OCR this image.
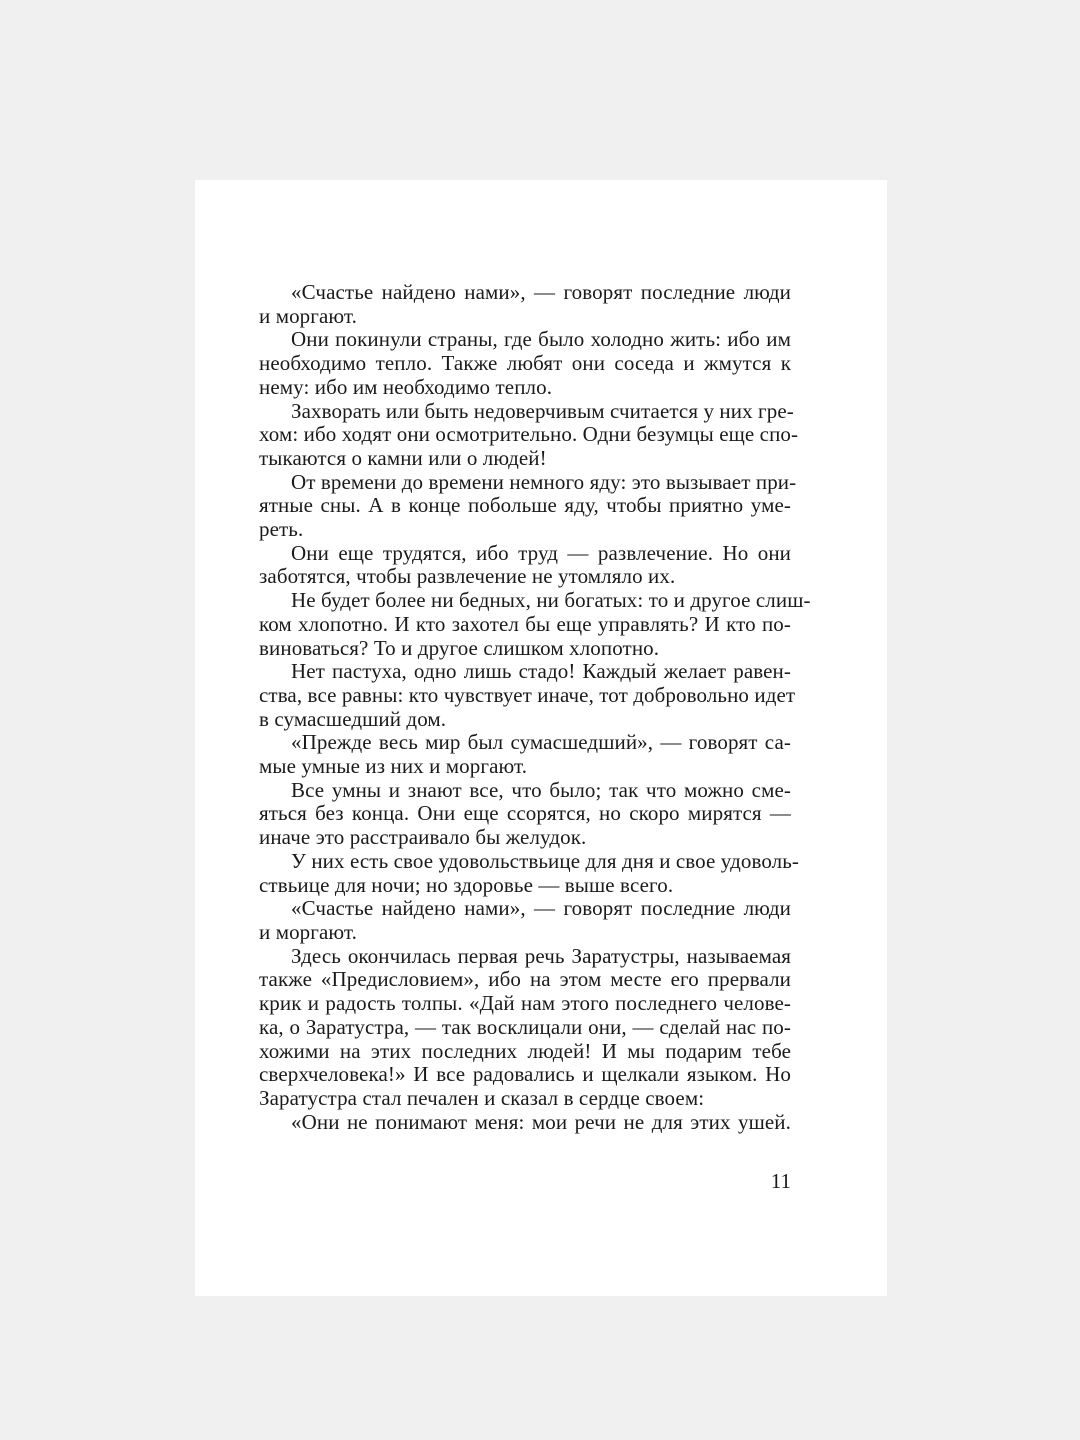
«Счастье найдено нами», — говорят последние люди
и моргают.
Они покинули страны, где было холодно жить: ибо им
необходимо тепло. Также любят они соседа и жмутся к
нему: ибо им необходимо тепло.
Захворать или быть недоверчивым считается у них гре-
хом: ибо ходят они осмотрительно. Одни безумцы еще спо-
тыкаются о камни или о людей!
От времени до времени немного яду: это вызывает при-
ятные сны. А в конце побольше яду, чтобы приятно уме-
реть.
Они еще трудятся, ибо труд — развлечение. Но они
заботятся, чтобы развлечение не утомляло их.
Не будет более ни бедных, ни богатых: то и другое слиш-
ком хлопотно. И кто захотел бы еще управлять? И кто по-
виноваться? То и другое слишком хлопотно.
Нет пастуха, одно лишь стадо! Каждый желает равен-
ства, все равны: кто чувствует иначе, тот добровольно идет
в сумасшедший дом.
«Прежде весь мир был сумасшедший», — говорят са-
мые умные из них и моргают.
Все умны и знают все, что было; так что можно сме-
яться без конца. Они еще ссорятся, но скоро мирятся —
иначе это расстраивало бы желудок.
У них есть свое удовольствьице для дня и свое удоволь-
ствьице для ночи; но здоровье — выше всего.
«Счастье найдено нами», — говорят последние люди
и моргают.
Здесь окончилась первая речь Заратустры, называемая
также «Предисловием», ибо на этом месте его прервали
крик и радость толпы. «Дай нам этого последнего челове-
ка, о Заратустра, — так восклицали они, — сделай нас по-
хожими на этих последних людей! И мы подарим тебе
сверхчеловека!» И все радовались и щелкали языком. Но
Заратустра стал печален и сказал в сердце своем:
«Они не понимают меня: мои речи не для этих ушей.
11
